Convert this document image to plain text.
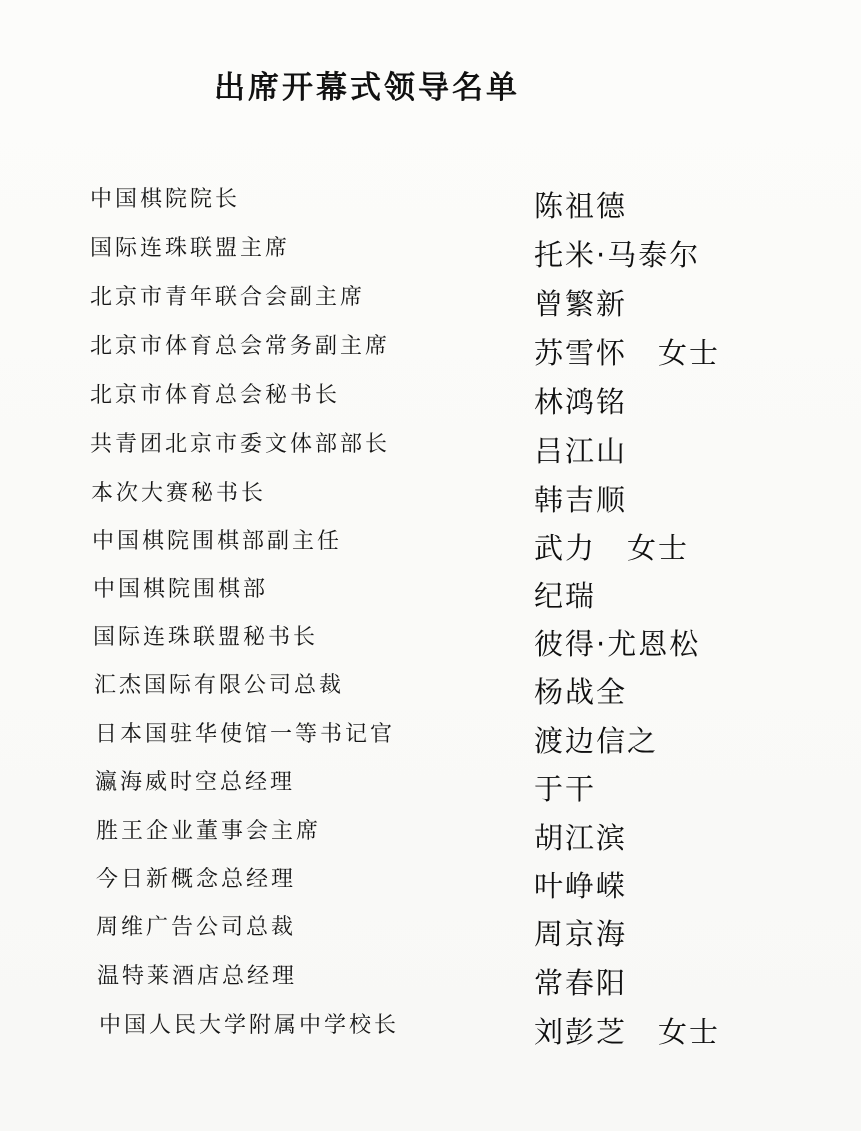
出席开幕式领导名单
中国棋院院长	陈祖德
国际连珠联盟主席	托米·马泰尔
北京市青年联合会副主席	曾繁新
北京市体育总会常务副主席	苏雪怀　女士
北京市体育总会秘书长	林鸿铭
共青团北京市委文体部部长	吕江山
本次大赛秘书长	韩吉顺
中国棋院围棋部副主任	武力　女士
中国棋院围棋部	纪瑞
国际连珠联盟秘书长	彼得·尤恩松
汇杰国际有限公司总裁	杨战全
日本国驻华使馆一等书记官	渡边信之
瀛海威时空总经理	于干
胜王企业董事会主席	胡江滨
今日新概念总经理	叶峥嵘
周维广告公司总裁	周京海
温特莱酒店总经理	常春阳
中国人民大学附属中学校长	刘彭芝　女士
